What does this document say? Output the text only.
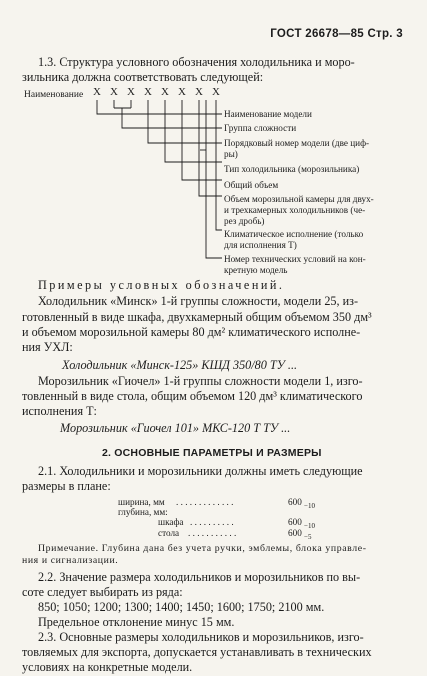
ГОСТ 26678—85 Стр. 3
1.3. Структура условного обозначения холодильника и моро-
зильника должна соответствовать следующей:
Наименование X X X X X X X X
Наименование модели
Группа сложности
Порядковый номер модели (две циф-
ры)
Тип холодильника (морозильника)
Общий объем
Объем морозильной камеры для двух-
и трехкамерных холодильников (че-
рез дробь)
Климатическое исполнение (только
для исполнения Т)
Номер технических условий на кон-
кретную модель
Примеры условных обозначений.
Холодильник «Минск» 1-й группы сложности, модели 25, из-
готовленный в виде шкафа, двухкамерный общим объемом 350 дм³
и объемом морозильной камеры 80 дм² климатического исполне-
ния УХЛ:
Холодильник «Минск-125» КШД 350/80 ТУ ...
Морозильник «Гиочел» 1-й группы сложности модели 1, изго-
товленный в виде стола, общим объемом 120 дм³ климатического
исполнения Т:
Морозильник «Гиочел 101» МКС-120 Т ТУ ...
2. ОСНОВНЫЕ ПАРАМЕТРЫ И РАЗМЕРЫ
2.1. Холодильники и морозильники должны иметь следующие
размеры в плане:
ширина, мм . . . . . . . . . . . . .	600 −10
глубина, мм:
шкафа . . . . . . . . . .	600 −10
стола . . . . . . . . . . .	600 −5
Примечание. Глубина дана без учета ручки, эмблемы, блока управле-
ния и сигнализации.
2.2. Значение размера холодильников и морозильников по вы-
соте следует выбирать из ряда:
850; 1050; 1200; 1300; 1400; 1450; 1600; 1750; 2100 мм.
Предельное отклонение минус 15 мм.
2.3. Основные размеры холодильников и морозильников, изго-
товляемых для экспорта, допускается устанавливать в технических
условиях на конкретные модели.
